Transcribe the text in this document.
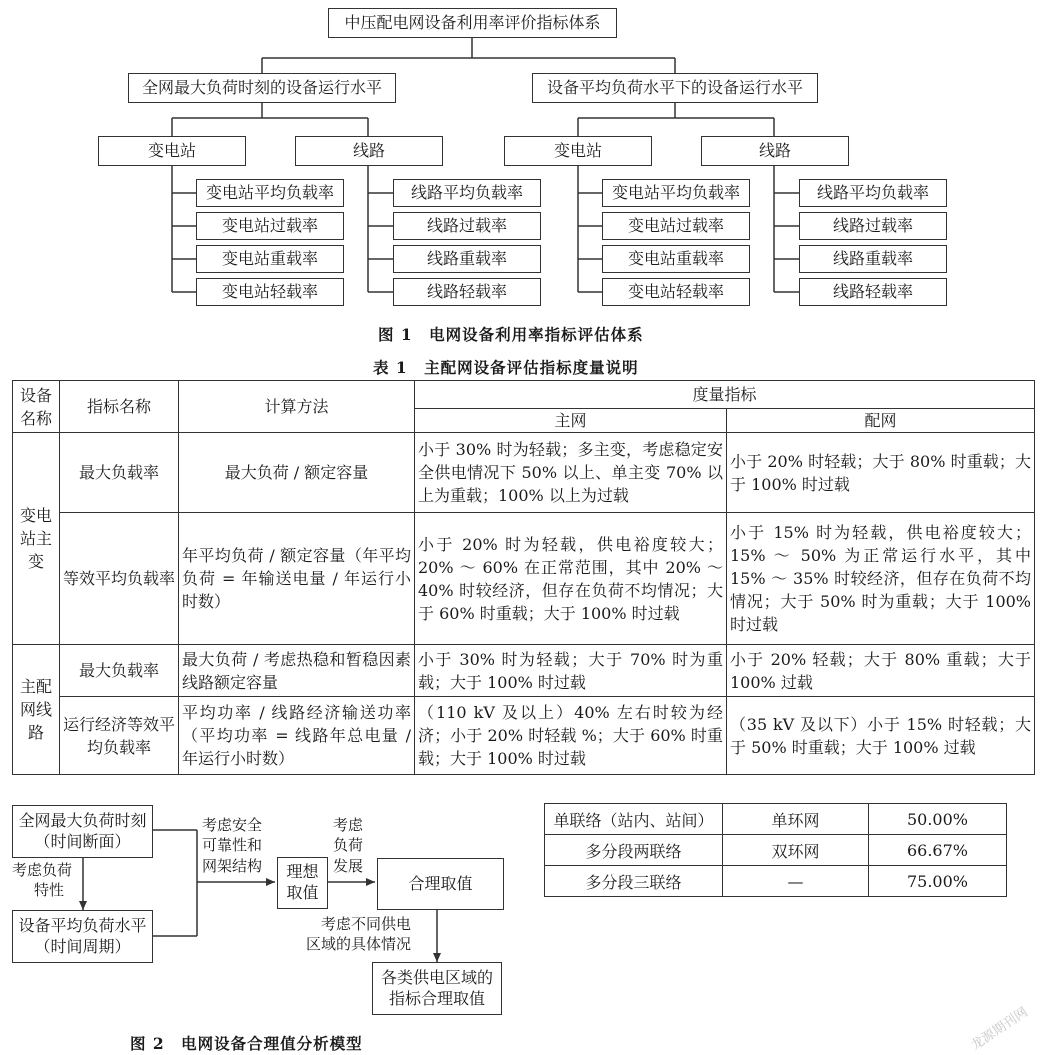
中压配电网设备利用率评价指标体系
全网最大负荷时刻的设备运行水平	设备平均负荷水平下的设备运行水平
变电站	线路	变电站	线路
变电站平均负载率
变电站过载率
变电站重载率
变电站轻载率
线路平均负载率
线路过载率
线路重载率
线路轻载率
变电站平均负载率
变电站过载率
变电站重载率
变电站轻载率
线路平均负载率
线路过载率
线路重载率
线路轻载率
图 1　电网设备利用率指标评估体系
表 1　主配网设备评估指标度量说明
设备名称	指标名称	计算方法	度量指标	
			主网	配网
变电站主变	最大负载率	最大负荷 / 额定容量	小于 30% 时为轻载；多主变，考虑稳定安全供电情况下 50% 以上、单主变 70% 以上为重载；100% 以上为过载	小于 20% 时轻载；大于 80% 时重载；大于 100% 时过载
	等效平均负载率	年平均负荷 / 额定容量（年平均负荷 = 年输送电量 / 年运行小时数）	小于 20% 时为轻载，供电裕度较大；20% ～ 60% 在正常范围，其中 20% ～ 40% 时较经济，但存在负荷不均情况；大于 60% 时重载；大于 100% 时过载	小于 15% 时为轻载，供电裕度较大；15% ～ 50% 为正常运行水平，其中 15% ～ 35% 时较经济，但存在负荷不均情况；大于 50% 时为重载；大于 100% 时过载
主配网线路	最大负载率	最大负荷 / 考虑热稳和暂稳因素线路额定容量	小于 30% 时为轻载；大于 70% 时为重载；大于 100% 时过载	小于 20% 轻载；大于 80% 重载；大于 100% 过载
	运行经济等效平均负载率	平均功率 / 线路经济输送功率（平均功率 = 线路年总电量 / 年运行小时数）	（110 kV 及以上）40% 左右时较为经济；小于 20% 时轻载 %；大于 60% 时重载；大于 100% 时过载	（35 kV 及以下）小于 15% 时轻载；大于 50% 时重载；大于 100% 过载
全网最大负荷时刻
（时间断面）
考虑负荷
特性
设备平均负荷水平
（时间周期）
考虑安全
可靠性和
网架结构 理想
取值
考虑
负荷
发展
合理取值
考虑不同供电
区域的具体情况
各类供电区域的
指标合理取值
图 2　电网设备合理值分析模型
单联络（站内、站间）	单环网	50.00%
多分段两联络	双环网	66.67%
多分段三联络	—	75.00%
龙源期刊网
